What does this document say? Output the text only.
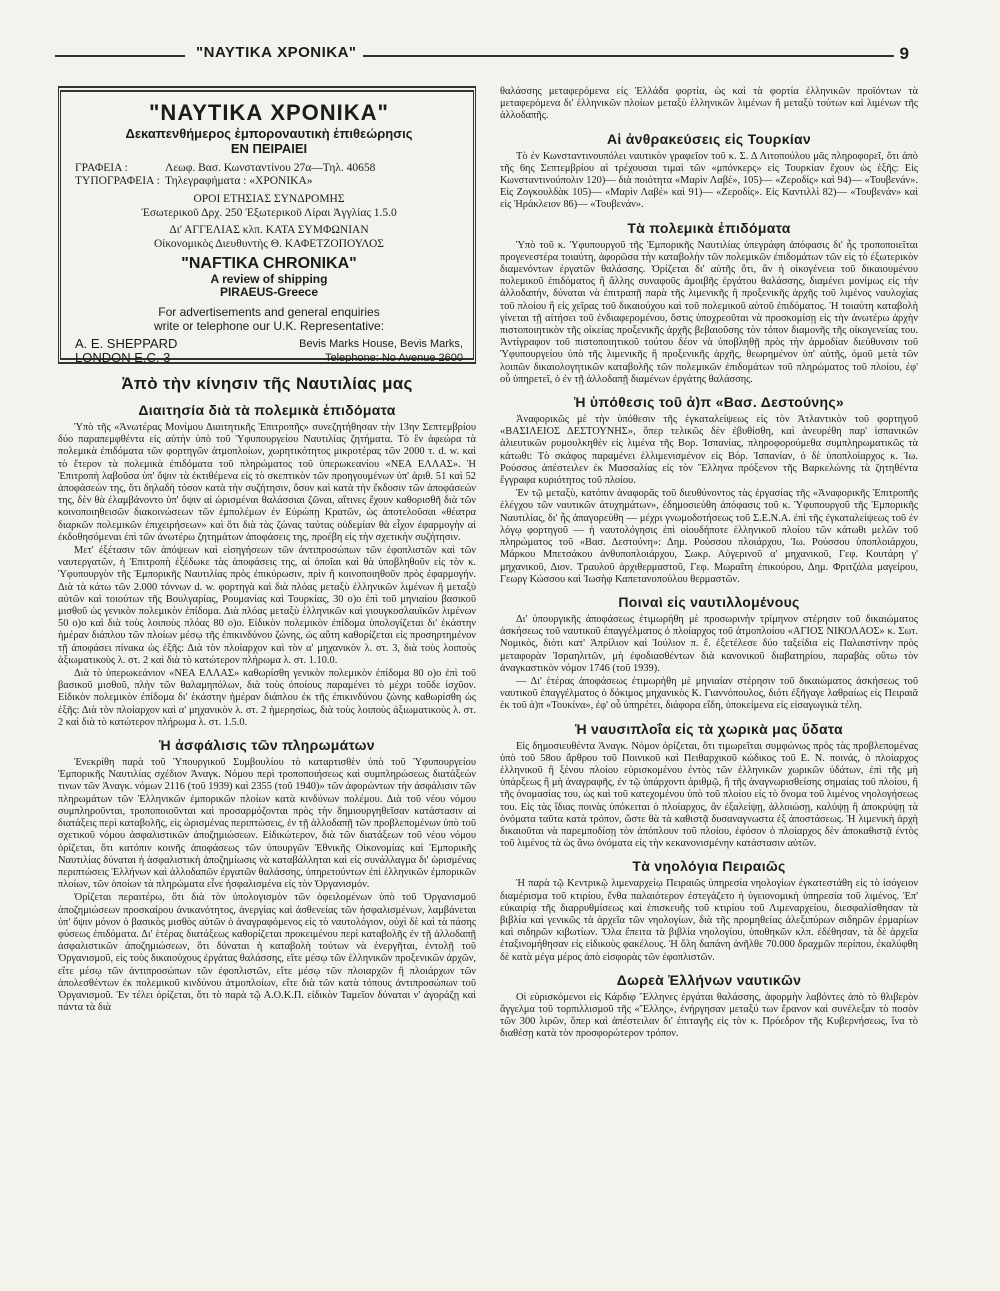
"ΝΑΥΤΙΚΑ ΧΡΟΝΙΚΑ"	9
"ΝΑΥΤΙΚΑ ΧΡΟΝΙΚΑ"
Δεκαπενθήμερος ἐμποροναυτικὴ ἐπιθεώρησις
ΕΝ ΠΕΙΡΑΙΕΙ
ΓΡΑΦΕΙΑ :	Λεωφ. Βασ. Κωνσταντίνου 27α—Τηλ. 40658
ΤΥΠΟΓΡΑΦΕΙΑ : Τηλεγραφήματα : «ΧΡΟΝΙΚΑ»
ΟΡΟΙ ΕΤΗΣΙΑΣ ΣΥΝΔΡΟΜΗΣ
Ἐσωτερικοῦ Δρχ. 250 Ἐξωτερικοῦ Λίραι Ἀγγλίας 1.5.0
Δι' ΑΓΓΕΛΙΑΣ κλπ. ΚΑΤΑ ΣΥΜΦΩΝΙΑΝ
Οἰκονομικὸς Διευθυντὴς Θ. ΚΑΦΕΤΖΟΠΟΥΛΟΣ
"NAFTIKA CHRONIKA"
A review of shipping
PIRAEUS-Greece
For advertisements and general enquiries
write or telephone our U.K. Representative:
A. E. SHEPPARD
LONDON E.C. 3
Bevis Marks House, Bevis Marks,
Telephone: No Avenue 2600
Ἀπὸ τὴν κίνησιν τῆς Ναυτιλίας μας
Διαιτησία διὰ τὰ πολεμικὰ ἐπιδόματα

Ὑπὸ τῆς «Ἀνωτέρας Μονίμου Διαιτητικῆς Ἐπιτροπῆς» συνεζητήθησαν τὴν 13ην Σεπτεμβρίου δύο παραπεμφθέντα εἰς αὐτὴν ὑπὸ τοῦ Ὑφυπουργείου Ναυτιλίας ζητήματα. Τὸ ἓν ἀφεώρα τὰ πολεμικὰ ἐπιδόματα τῶν φορτηγῶν ἀτμοπλοίων, χωρητικότητος μικροτέρας τῶν 2000 τ. d. w. καὶ τὸ ἕτερον τὰ πολεμικὰ ἐπιδόματα τοῦ πληρώματος τοῦ ὑπερωκεανίου «ΝΕΑ ΕΛΛΑΣ». Ἡ Ἐπιτροπὴ λαβοῦσα ὑπ' ὄψιν τὰ ἐκτιθέμενα εἰς τὸ σκεπτικὸν τῶν προηγουμένων ὑπ' ἀριθ. 51 καὶ 52 ἀποφάσεών της, ὅτι δηλαδὴ τόσον κατὰ τὴν συζήτησιν, ὅσον καὶ κατὰ τὴν ἔκδοσιν τῶν ἀποφάσεών της, δὲν θὰ ἐλαμβάνοντο ὑπ' ὄψιν αἱ ὡρισμέναι θαλάσσιαι ζῶναι, αἵτινες ἔχουν καθορισθῆ διὰ τῶν κοινοποιηθεισῶν διακοινώσεων τῶν ἐμπολέμων ἐν Εὐρώπῃ Κρατῶν, ὡς ἀποτελοῦσαι «θέατρα διαρκῶν πολεμικῶν ἐπιχειρήσεων» καὶ ὅτι διὰ τὰς ζώνας ταύτας οὐδεμίαν θὰ εἶχον ἐφαρμογὴν αἱ ἐκδοθησόμεναι ἐπὶ τῶν ἀνωτέρω ζητημάτων ἀποφάσεις της, προέβη εἰς τὴν σχετικὴν συζήτησιν.

Μετ' ἐξέτασιν τῶν ἀπόψεων καὶ εἰσηγήσεων τῶν ἀντιπροσώπων τῶν ἐφοπλιστῶν καὶ τῶν ναυτεργατῶν, ἡ Ἐπιτροπὴ ἐξέδωκε τὰς ἀποφάσεις της, αἱ ὁποῖαι καὶ θὰ ὑποβληθοῦν εἰς τὸν κ. Ὑφυπουργὸν τῆς Ἐμπορικῆς Ναυτιλίας πρὸς ἐπικύρωσιν, πρὶν ἢ κοινοποιηθοῦν πρὸς ἐφαρμογήν. Διὰ τὰ κάτω τῶν 2.000 τόννων d. w. φορτηγὰ καὶ διὰ πλόας μεταξὺ ἑλληνικῶν λιμένων ἢ μεταξὺ αὐτῶν καὶ τοιούτων τῆς Βουλγαρίας, Ρουμανίας καὶ Τουρκίας, 30 ο)ο ἐπὶ τοῦ μηνιαίου βασικοῦ μισθοῦ ὡς γενικὸν πολεμικὸν ἐπίδομα. Διὰ πλόας μεταξὺ ἑλληνικῶν καὶ γιουγκοσλαυϊκῶν λιμένων 50 ο)ο καὶ διὰ τοὺς λοιποὺς πλόας 80 ο)ο. Εἰδικὸν πολεμικὸν ἐπίδομα ὑπολογίζεται δι' ἑκάστην ἡμέραν διάπλου τῶν πλοίων μέσῳ τῆς ἐπικινδύνου ζώνης, ὡς αὕτη καθορίζεται εἰς προσηρτημένον τῇ ἀποφάσει πίνακα ὡς ἑξῆς: Διὰ τὸν πλοίαρχον καὶ τὸν α' μηχανικὸν λ. στ. 3, διὰ τοὺς λοιποὺς ἀξιωματικοὺς λ. στ. 2 καὶ διὰ τὸ κατώτερον πλήρωμα λ. στ. 1.10.0.

Διὰ τὸ ὑπερωκεάνιον «ΝΕΑ ΕΛΛΑΣ» καθωρίσθη γενικὸν πολεμικὸν ἐπίδομα 80 ο)ο ἐπὶ τοῦ βασικοῦ μισθοῦ, πλὴν τῶν θαλαμηπόλων, διὰ τοὺς ὁποίους παραμένει τὸ μέχρι τοῦδε ἰσχῦον. Εἰδικὸν πολεμικὸν ἐπίδομα δι' ἑκάστην ἡμέραν διάπλου ἐκ τῆς ἐπικινδύνου ζώνης καθωρίσθη ὡς ἑξῆς: Διὰ τὸν πλοίαρχον καὶ α' μηχανικὸν λ. στ. 2 ἡμερησίως, διὰ τοὺς λοιποὺς ἀξιωματικοὺς λ. στ. 2 καὶ διὰ τὸ κατώτερον πλήρωμα λ. στ. 1.5.0.

Ἡ ἀσφάλισις τῶν πληρωμάτων

Ἐνεκρίθη παρὰ τοῦ Ὑπουργικοῦ Συμβουλίου τὸ καταρτισθὲν ὑπὸ τοῦ Ὑφυπουργείου Ἐμπορικῆς Ναυτιλίας σχέδιον Ἀναγκ. Νόμου περὶ τροποποιήσεως καὶ συμπληρώσεως διατάξεών τινων τῶν Ἀναγκ. νόμων 2116 (τοῦ 1939) καὶ 2355 (τοῦ 1940)» τῶν ἀφορώντων τὴν ἀσφάλισιν τῶν πληρωμάτων τῶν Ἑλληνικῶν ἐμπορικῶν πλοίων κατὰ κινδύνων πολέμου. Διὰ τοῦ νέου νόμου συμπληροῦνται, τροποποιοῦνται καὶ προσαρμόζονται πρὸς τὴν δημιουργηθεῖσαν κατάστασιν αἱ διατάξεις περὶ καταβολῆς, εἰς ὡρισμένας περιπτώσεις, ἐν τῇ ἀλλοδαπῇ τῶν προβλεπομένων ὑπὸ τοῦ σχετικοῦ νόμου ἀσφαλιστικῶν ἀποζημιώσεων. Εἰδικώτερον, διὰ τῶν διατάξεων τοῦ νέου νόμου ὁρίζεται, ὅτι κατόπιν κοινῆς ἀποφάσεως τῶν ὑπουργῶν Ἐθνικῆς Οἰκονομίας καὶ Ἐμπορικῆς Ναυτιλίας δύναται ἡ ἀσφαλιστικὴ ἀποζημίωσις νὰ καταβάλληται καὶ εἰς συνάλλαγμα δι' ὡρισμένας περιπτώσεις Ἑλλήνων καὶ ἀλλοδαπῶν ἐργατῶν θαλάσσης, ὑπηρετούντων ἐπὶ ἑλληνικῶν ἐμπορικῶν πλοίων, τῶν ὁποίων τὰ πληρώματα εἶνε ἠσφαλισμένα εἰς τὸν Ὀργανισμόν.

Ὁρίζεται περαιτέρω, ὅτι διὰ τὸν ὑπολογισμὸν τῶν ὀφειλομένων ὑπὸ τοῦ Ὀργανισμοῦ ἀποζημιώσεων προσκαίρου ἀνικανότητος, ἀνεργίας καὶ ἀσθενείας τῶν ἠσφαλισμένων, λαμβάνεται ὑπ' ὄψιν μόνον ὁ βασικὸς μισθὸς αὐτῶν ὁ ἀναγραφόμενος εἰς τὸ ναυτολόγιον, οὐχὶ δὲ καὶ τὰ πάσης φύσεως ἐπιδόματα. Δι' ἑτέρας διατάξεως καθορίζεται προκειμένου περὶ καταβολῆς ἐν τῇ ἀλλοδαπῇ ἀσφαλιστικῶν ἀποζημιώσεων, ὅτι δύναται ἡ καταβολὴ τούτων νὰ ἐνεργῆται, ἐντολῇ τοῦ Ὀργανισμοῦ, εἰς τοὺς δικαιούχους ἐργάτας θαλάσσης, εἴτε μέσῳ τῶν ἑλληνικῶν προξενικῶν ἀρχῶν, εἴτε μέσῳ τῶν ἀντιπροσώπων τῶν ἐφοπλιστῶν, εἴτε μέσῳ τῶν πλοιαρχῶν ἢ πλοιάρχων τῶν ἀπολεσθέντων ἐκ πολεμικοῦ κινδύνου ἀτμοπλοίων, εἴτε διὰ τῶν κατὰ τόπους ἀντιπροσώπων τοῦ Ὀργανισμοῦ. Ἐν τέλει ὁρίζεται, ὅτι τὸ παρὰ τῷ Α.Ο.Κ.Π. εἰδικὸν Ταμεῖον δύναται ν' ἀγοράζῃ καὶ πάντα τὰ διὰ

θαλάσσης μεταφερόμενα εἰς Ἑλλάδα φορτία, ὡς καὶ τὰ φορτία ἑλληνικῶν προϊόντων τὰ μεταφερόμενα δι' ἑλληνικῶν πλοίων μεταξὺ ἑλληνικῶν λιμένων ἢ μεταξὺ τούτων καὶ λιμένων τῆς ἀλλοδαπῆς.

Αἱ ἀνθρακεύσεις εἰς Τουρκίαν

Τὸ ἐν Κωνσταντινουπόλει ναυτικὸν γραφεῖον τοῦ κ. Σ. Δ Λιτοπούλου μᾶς πληροφορεῖ, ὅτι ἀπὸ τῆς 6ης Σεπτεμβρίου αἱ τρέχουσαι τιμαὶ τῶν «μπόνκερς» εἰς Τουρκίαν ἔχουν ὡς ἑξῆς: Εἰς Κωνσταντινούπολιν 120)— διὰ ποιότητα «Μαρὶν Λαβέ», 105)— «Ζεροδίς» καὶ 94)— «Τουβενάν». Εἰς Ζογκουλδὰκ 105)— «Μαρὶν Λαβέ» καὶ 91)— «Ζεροδίς». Εἰς Καντιλλὶ 82)— «Τουβενάν» καὶ εἰς Ἡράκλειον 86)— «Τουβενάν».

Τὰ πολεμικὰ ἐπιδόματα

Ὑπὸ τοῦ κ. Ὑφυπουργοῦ τῆς Ἐμπορικῆς Ναυτιλίας ὑπεγράφη ἀπόφασις δι' ἧς τροποποιεῖται προγενεστέρα τοιαύτη, ἀφορῶσα τὴν καταβολὴν τῶν πολεμικῶν ἐπιδομάτων τῶν εἰς τὸ ἐξωτερικὸν διαμενόντων ἐργατῶν θαλάσσης. Ὁρίζεται δι' αὐτῆς ὅτι, ἂν ἡ οἰκογένεια τοῦ δικαιουμένου πολεμικοῦ ἐπιδόματος ἢ ἄλλης συναφοῦς ἀμοιβῆς ἐργάτου θαλάσσης, διαμένει μονίμως εἰς τὴν ἀλλοδαπήν, δύναται νὰ ἐπιτραπῇ παρὰ τῆς λιμενικῆς ἢ προξενικῆς ἀρχῆς τοῦ λιμένος ναυλοχίας τοῦ πλοίου ἢ εἰς χεῖρας τοῦ δικαιούχου καὶ τοῦ πολεμικοῦ αὐτοῦ ἐπιδόματος. Ἡ τοιαύτη καταβολὴ γίνεται τῇ αἰτήσει τοῦ ἐνδιαφερομένου, ὅστις ὑποχρεοῦται νὰ προσκομίσῃ εἰς τὴν ἀνωτέρω ἀρχὴν πιστοποιητικὸν τῆς οἰκείας προξενικῆς ἀρχῆς βεβαιοῦσης τὸν τόπον διαμονῆς τῆς οἰκογενείας του. Ἀντίγραφον τοῦ πιστοποιητικοῦ τούτου δέον νὰ ὑποβληθῇ πρὸς τὴν ἁρμοδίαν διεύθυνσιν τοῦ Ὑφυπουργείου ὑπὸ τῆς λιμενικῆς ἢ προξενικῆς ἀρχῆς, θεωρημένον ὑπ' αὐτῆς, ὁμοῦ μετὰ τῶν λοιπῶν δικαιολογητικῶν καταβολῆς τῶν πολεμικῶν ἐπιδομάτων τοῦ πληρώματος τοῦ πλοίου, ἐφ' οὗ ὑπηρετεῖ, ὁ ἐν τῇ ἀλλοδαπῇ διαμένων ἐργάτης θαλάσσης.

Ἡ ὑπόθεσις τοῦ ἀ)π «Βασ. Δεστούνης»

Ἀναφορικῶς μὲ τὴν ὑπόθεσιν τῆς ἐγκαταλείψεως εἰς τὸν Ἀτλαντικὸν τοῦ φορτηγοῦ «ΒΑΣΙΛΕΙΟΣ ΔΕΣΤΟΥΝΗΣ», ὅπερ τελικῶς δὲν ἐβυθίσθη, καὶ ἀνευρέθη παρ' ἱσπανικῶν ἁλιευτικῶν ρυμουλκηθὲν εἰς λιμένα τῆς Βορ. Ἱσπανίας, πληροφορούμεθα συμπληρωματικῶς τὰ κάτωθι: Τὸ σκάφος παραμένει ἑλλιμενισμένον εἰς Βόρ. Ἱσπανίαν, ὁ δὲ ὑποπλοίαρχος κ. Ἰω. Ρούσσος ἀπέστειλεν ἐκ Μασσαλίας εἰς τὸν Ἕλληνα πρόξενον τῆς Βαρκελώνης τὰ ζητηθέντα ἔγγραφα κυριότητος τοῦ πλοίου.

Ἐν τῷ μεταξὺ, κατόπιν ἀναφορᾶς τοῦ διευθύνοντος τὰς ἐργασίας τῆς «Ἀναφορικῆς Ἐπιτροπῆς ἐλέγχου τῶν ναυτικῶν ἀτυχημάτων», ἐδημοσιεύθη ἀπόφασις τοῦ κ. Ὑφυπουργοῦ τῆς Ἐμπορικῆς Ναυτιλίας, δι' ἧς ἀπαγορεύθη — μέχρι γνωμοδοτήσεως τοῦ Σ.Ε.Ν.Α. ἐπὶ τῆς ἐγκαταλείψεως τοῦ ἐν λόγῳ φορτηγοῦ — ἡ ναυτολόγησις ἐπὶ οἱουδήποτε ἑλληνικοῦ πλοίου τῶν κάτωθι μελῶν τοῦ πληρώματος τοῦ «Βασ. Δεστούνη»: Δημ. Ρούσσου πλοιάρχου, Ἰω. Ρούσσου ὑποπλοιάρχου, Μάρκου Μπετσάκου ἀνθυποπλοιάρχου, Σωκρ. Αὐγερινοῦ α' μηχανικοῦ, Γεφ. Κουτάρη γ' μηχανικοῦ, Διον. Τραυλοῦ ἀρχιθερμαστοῦ, Γεφ. Μωραΐτη ἐπικούρου, Δημ. Φριτζάλα μαγείρου, Γεωργ Κώσσου καὶ Ἰωσὴφ Καπετανοπούλου θερμαστῶν.

Ποιναὶ εἰς ναυτιλλομένους

Δι' ὑπουργικῆς ἀποφάσεως ἐτιμωρήθη μὲ προσωρινὴν τρίμηνον στέρησιν τοῦ δικαιώματος ἀσκήσεως τοῦ ναυτικοῦ ἐπαγγέλματος ὁ πλοίαρχος τοῦ ἀτμοπλοίου «ΑΓΙΟΣ ΝΙΚΟΛΑΟΣ» κ. Σωτ. Νομικός, διότι κατ' Ἀπρίλιον καὶ Ἰούλιον π. ἔ. ἐξετέλεσε δύο ταξείδια εἰς Παλαιστίνην πρὸς μεταφορὰν Ἰσραηλιτῶν, μὴ ἐφοδιασθέντων διὰ κανονικοῦ διαβατηρίου, παραβὰς οὕτω τὸν ἀναγκαστικὸν νόμον 1746 (τοῦ 1939).

— Δι' ἑτέρας ἀποφάσεως ἐτιμωρήθη μὲ μηνιαίαν στέρησιν τοῦ δικαιώματος ἀσκήσεως τοῦ ναυτικοῦ ἐπαγγέλματος ὁ δόκιμος μηχανικὸς Κ. Γιαννόπουλος, διότι ἐξῆγαγε λαθραίως εἰς Πειραιᾶ ἐκ τοῦ ἀ)π «Τουκίνα», ἐφ' οὗ ὑπηρέτει, διάφορα εἴδη, ὑποκείμενα εἰς εἰσαγωγικὰ τέλη.

Ἡ ναυσιπλοΐα εἰς τὰ χωρικὰ μας ὕδατα

Εἰς δημοσιευθέντα Ἀναγκ. Νόμον ὁρίζεται, ὅτι τιμωρεῖται συμφώνως πρὸς τὰς προβλεπομένας ὑπὸ τοῦ 58ου ἄρθρου τοῦ Ποινικοῦ καὶ Πειθαρχικοῦ κώδικος τοῦ Ε. Ν. ποινάς, ὁ πλοίαρχος ἑλληνικοῦ ἢ ξένου πλοίου εὑρισκομένου ἐντὸς τῶν ἑλληνικῶν χωρικῶν ὑδάτων, ἐπὶ τῆς μὴ ὑπάρξεως ἢ μὴ ἀναγραφῆς, ἐν τῷ ὑπάρχοντι ἀριθμῷ, ἢ τῆς ἀναγνωρισθείσης σημαίας τοῦ πλοίου, ἢ τῆς ὀνομασίας του, ὡς καὶ τοῦ κατεχομένου ὑπὸ τοῦ πλοίου εἰς τὸ ὄνομα τοῦ λιμένος νηολογήσεως του. Εἰς τὰς ἴδιας ποινὰς ὑπόκειται ὁ πλοίαρχος, ἂν ἐξαλείψῃ, ἀλλοιώσῃ, καλύψῃ ἢ ἀποκρύψῃ τὰ ὀνόματα ταῦτα κατὰ τρόπον, ὥστε θὰ τὰ καθιστᾷ δυσαναγνωστα ἐξ ἀποστάσεως. Ἡ λιμενικὴ ἀρχὴ δικαιοῦται νὰ παρεμποδίσῃ τὸν ἀπόπλουν τοῦ πλοίου, ἐφόσον ὁ πλοίαρχος δὲν ἀποκαθιστᾷ ἐντὸς τοῦ λιμένος τὰ ὡς ἄνω ὀνόματα εἰς τὴν κεκανονισμένην κατάστασιν αὐτῶν.

Τὰ νηολόγια Πειραιῶς

Ἡ παρὰ τῷ Κεντρικῷ λιμεναρχείῳ Πειραιῶς ὑπηρεσία νηολογίων ἐγκατεστάθη εἰς τὸ ἰσόγειον διαμέρισμα τοῦ κτιρίου, ἔνθα παλαιότερον ἐστεγάζετο ἡ ὑγειονομικὴ ὑπηρεσία τοῦ λιμένος. Ἐπ' εὐκαιρίᾳ τῆς διαρρυθμίσεως καὶ ἐπισκευῆς τοῦ κτιρίου τοῦ Λιμεναρχείου, διεσφαλίσθησαν τὰ βιβλία καὶ γενικῶς τὰ ἀρχεῖα τῶν νηολογίων, διὰ τῆς προμηθείας ἀλεξιπύρων σιδηρῶν ἐρμαρίων καὶ σιδηρῶν κιβωτίων. Ὅλα ἔπειτα τὰ βιβλία νηολογίου, ὑποθηκῶν κλπ. ἐδέθησαν, τὰ δὲ ἀρχεῖα ἐταξινομήθησαν εἰς εἰδικοὺς φακέλους. Ἡ ὅλη δαπάνη ἀνῆλθε 70.000 δραχμῶν περίπου, ἐκαλύφθη δὲ κατὰ μέγα μέρος ἀπὸ εἰσφορὰς τῶν ἐφοπλιστῶν.

Δωρεὰ Ἑλλήνων ναυτικῶν

Οἱ εὑρισκόμενοι εἰς Κάρδιφ Ἕλληνες ἐργάται θαλάσσης, ἀφορμὴν λαβόντες ἀπὸ τὸ θλιβερὸν ἄγγελμα τοῦ τορπιλλισμοῦ τῆς «Ἔλλης», ἐνήργησαν μεταξύ των ἔρανον καὶ συνέλεξαν τὸ ποσὸν τῶν 300 λιρῶν, ὅπερ καὶ ἀπέστειλαν δι' ἐπιταγῆς εἰς τὸν κ. Πρόεδρον τῆς Κυβερνήσεως, ἵνα τὸ διαθέσῃ κατὰ τὸν προσφορώτερον τρόπον.
